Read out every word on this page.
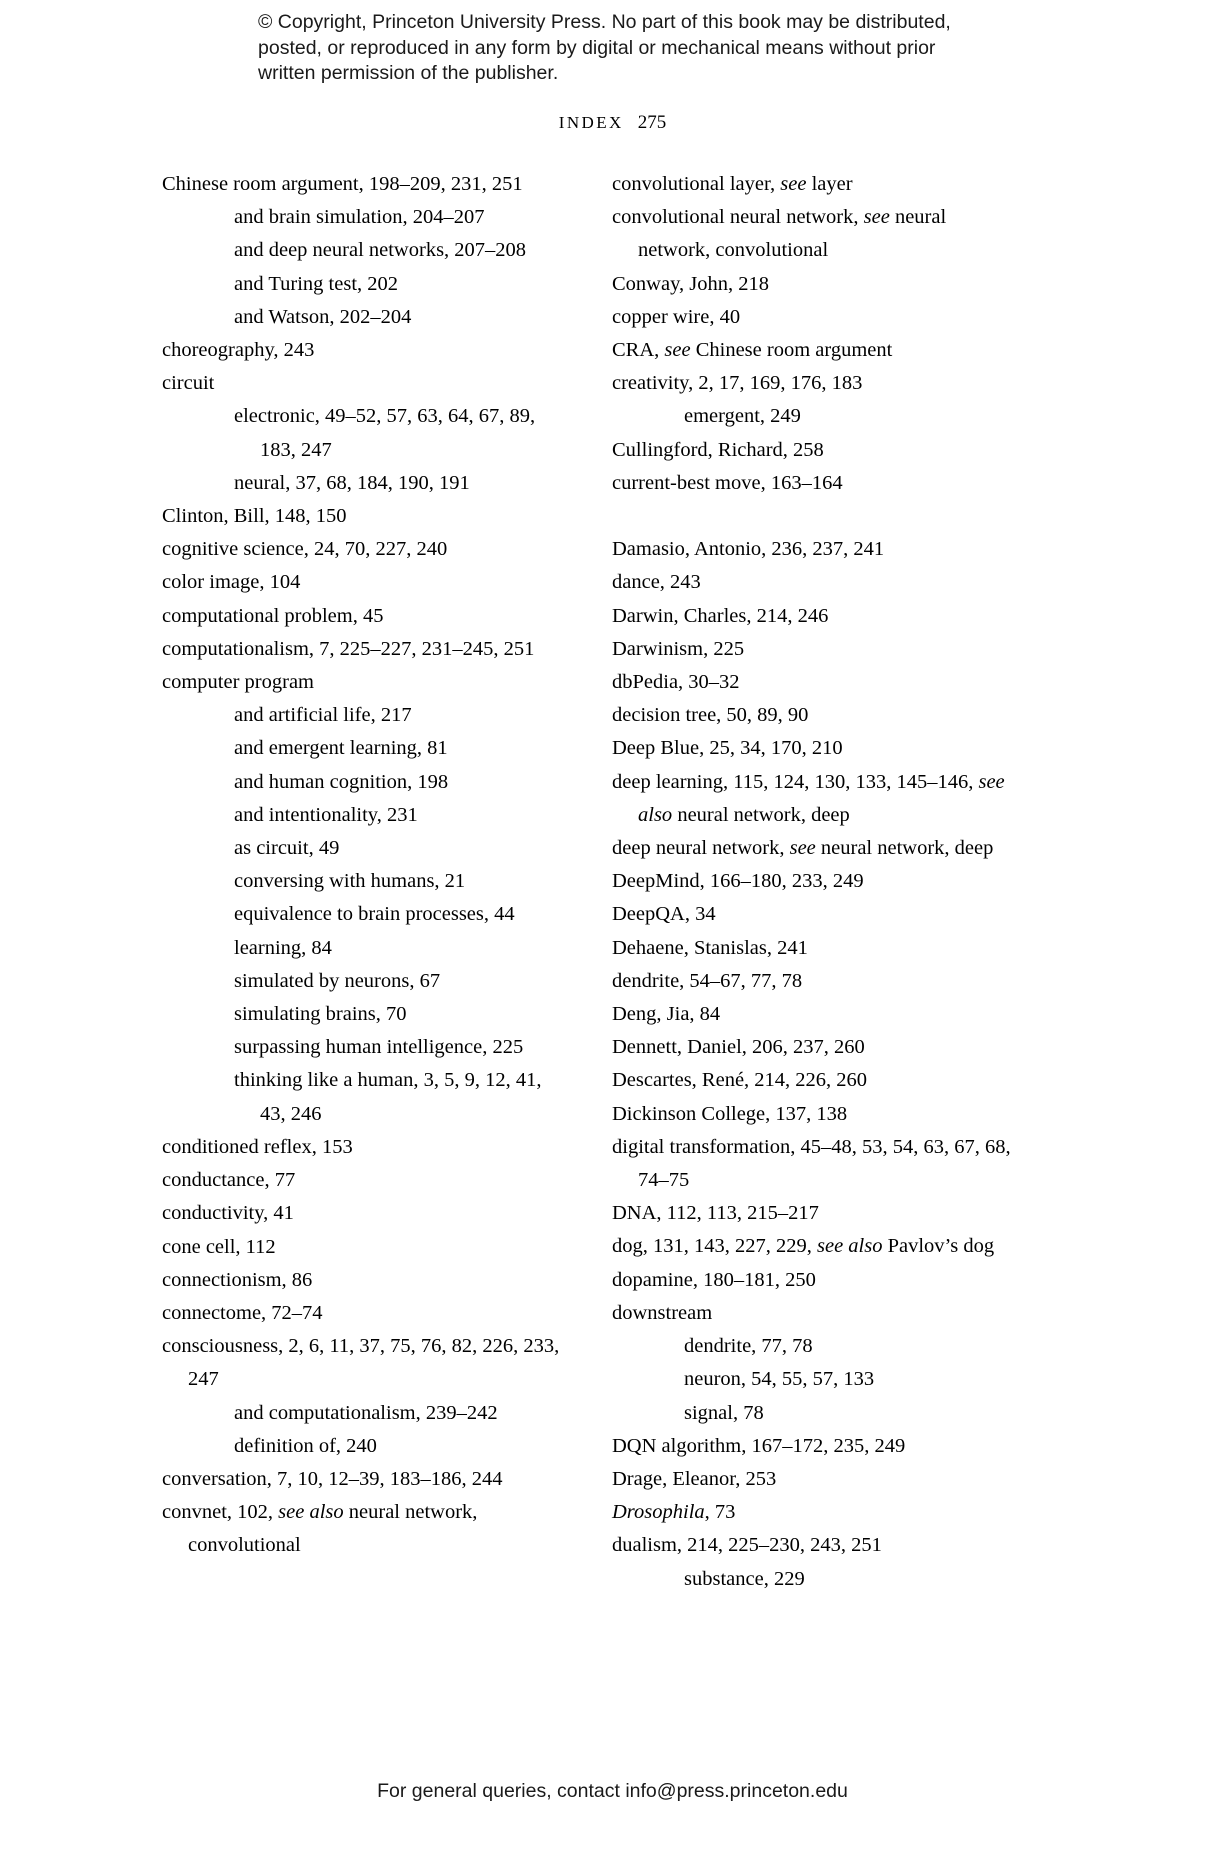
© Copyright, Princeton University Press. No part of this book may be distributed, posted, or reproduced in any form by digital or mechanical means without prior written permission of the publisher.
INDEX 275
Chinese room argument, 198–209, 231, 251
and brain simulation, 204–207
and deep neural networks, 207–208
and Turing test, 202
and Watson, 202–204
choreography, 243
circuit
electronic, 49–52, 57, 63, 64, 67, 89, 183, 247
neural, 37, 68, 184, 190, 191
Clinton, Bill, 148, 150
cognitive science, 24, 70, 227, 240
color image, 104
computational problem, 45
computationalism, 7, 225–227, 231–245, 251
computer program
and artificial life, 217
and emergent learning, 81
and human cognition, 198
and intentionality, 231
as circuit, 49
conversing with humans, 21
equivalence to brain processes, 44
learning, 84
simulated by neurons, 67
simulating brains, 70
surpassing human intelligence, 225
thinking like a human, 3, 5, 9, 12, 41, 43, 246
conditioned reflex, 153
conductance, 77
conductivity, 41
cone cell, 112
connectionism, 86
connectome, 72–74
consciousness, 2, 6, 11, 37, 75, 76, 82, 226, 233, 247
and computationalism, 239–242
definition of, 240
conversation, 7, 10, 12–39, 183–186, 244
convnet, 102, see also neural network, convolutional
convolutional layer, see layer
convolutional neural network, see neural network, convolutional
Conway, John, 218
copper wire, 40
CRA, see Chinese room argument
creativity, 2, 17, 169, 176, 183
emergent, 249
Cullingford, Richard, 258
current-best move, 163–164
Damasio, Antonio, 236, 237, 241
dance, 243
Darwin, Charles, 214, 246
Darwinism, 225
dbPedia, 30–32
decision tree, 50, 89, 90
Deep Blue, 25, 34, 170, 210
deep learning, 115, 124, 130, 133, 145–146, see also neural network, deep
deep neural network, see neural network, deep
DeepMind, 166–180, 233, 249
DeepQA, 34
Dehaene, Stanislas, 241
dendrite, 54–67, 77, 78
Deng, Jia, 84
Dennett, Daniel, 206, 237, 260
Descartes, René, 214, 226, 260
Dickinson College, 137, 138
digital transformation, 45–48, 53, 54, 63, 67, 68, 74–75
DNA, 112, 113, 215–217
dog, 131, 143, 227, 229, see also Pavlov’s dog
dopamine, 180–181, 250
downstream
dendrite, 77, 78
neuron, 54, 55, 57, 133
signal, 78
DQN algorithm, 167–172, 235, 249
Drage, Eleanor, 253
Drosophila, 73
dualism, 214, 225–230, 243, 251
substance, 229
For general queries, contact info@press.princeton.edu
